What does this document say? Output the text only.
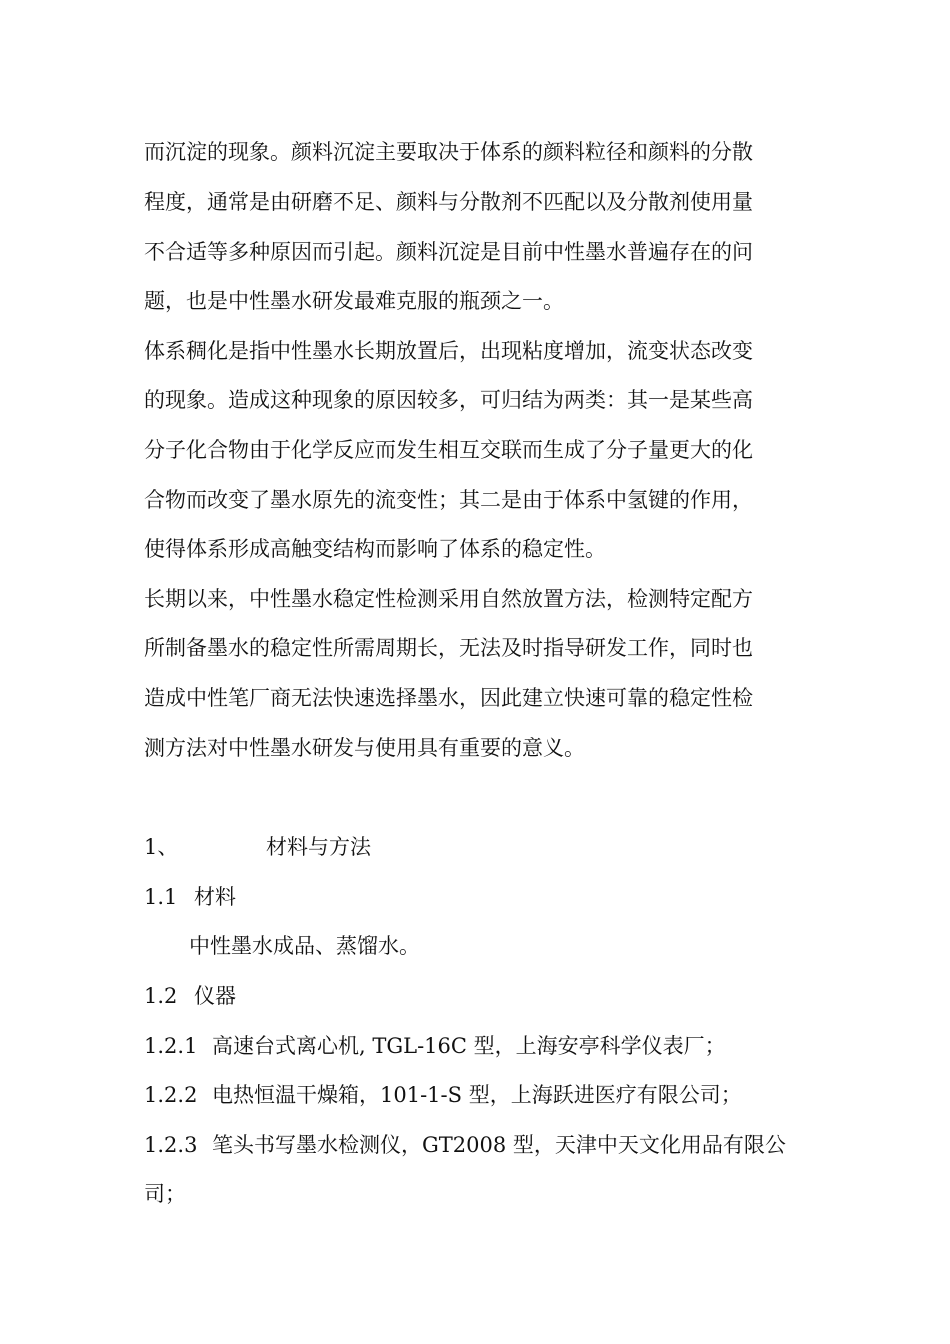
而沉淀的现象。颜料沉淀主要取决于体系的颜料粒径和颜料的分散
程度，通常是由研磨不足、颜料与分散剂不匹配以及分散剂使用量
不合适等多种原因而引起。颜料沉淀是目前中性墨水普遍存在的问
题，也是中性墨水研发最难克服的瓶颈之一。
体系稠化是指中性墨水长期放置后，出现粘度增加，流变状态改变
的现象。造成这种现象的原因较多，可归结为两类：其一是某些高
分子化合物由于化学反应而发生相互交联而生成了分子量更大的化
合物而改变了墨水原先的流变性；其二是由于体系中氢键的作用，
使得体系形成高触变结构而影响了体系的稳定性。
长期以来，中性墨水稳定性检测采用自然放置方法，检测特定配方
所制备墨水的稳定性所需周期长，无法及时指导研发工作，同时也
造成中性笔厂商无法快速选择墨水，因此建立快速可靠的稳定性检
测方法对中性墨水研发与使用具有重要的意义。
1、	材料与方法
1.1 材料
中性墨水成品、蒸馏水。
1.2 仪器
1.2.1 高速台式离心机, TGL-16C 型，上海安亭科学仪表厂；
1.2.2 电热恒温干燥箱，101-1-S 型，上海跃进医疗有限公司；
1.2.3 笔头书写墨水检测仪，GT2008 型，天津中天文化用品有限公
司；
